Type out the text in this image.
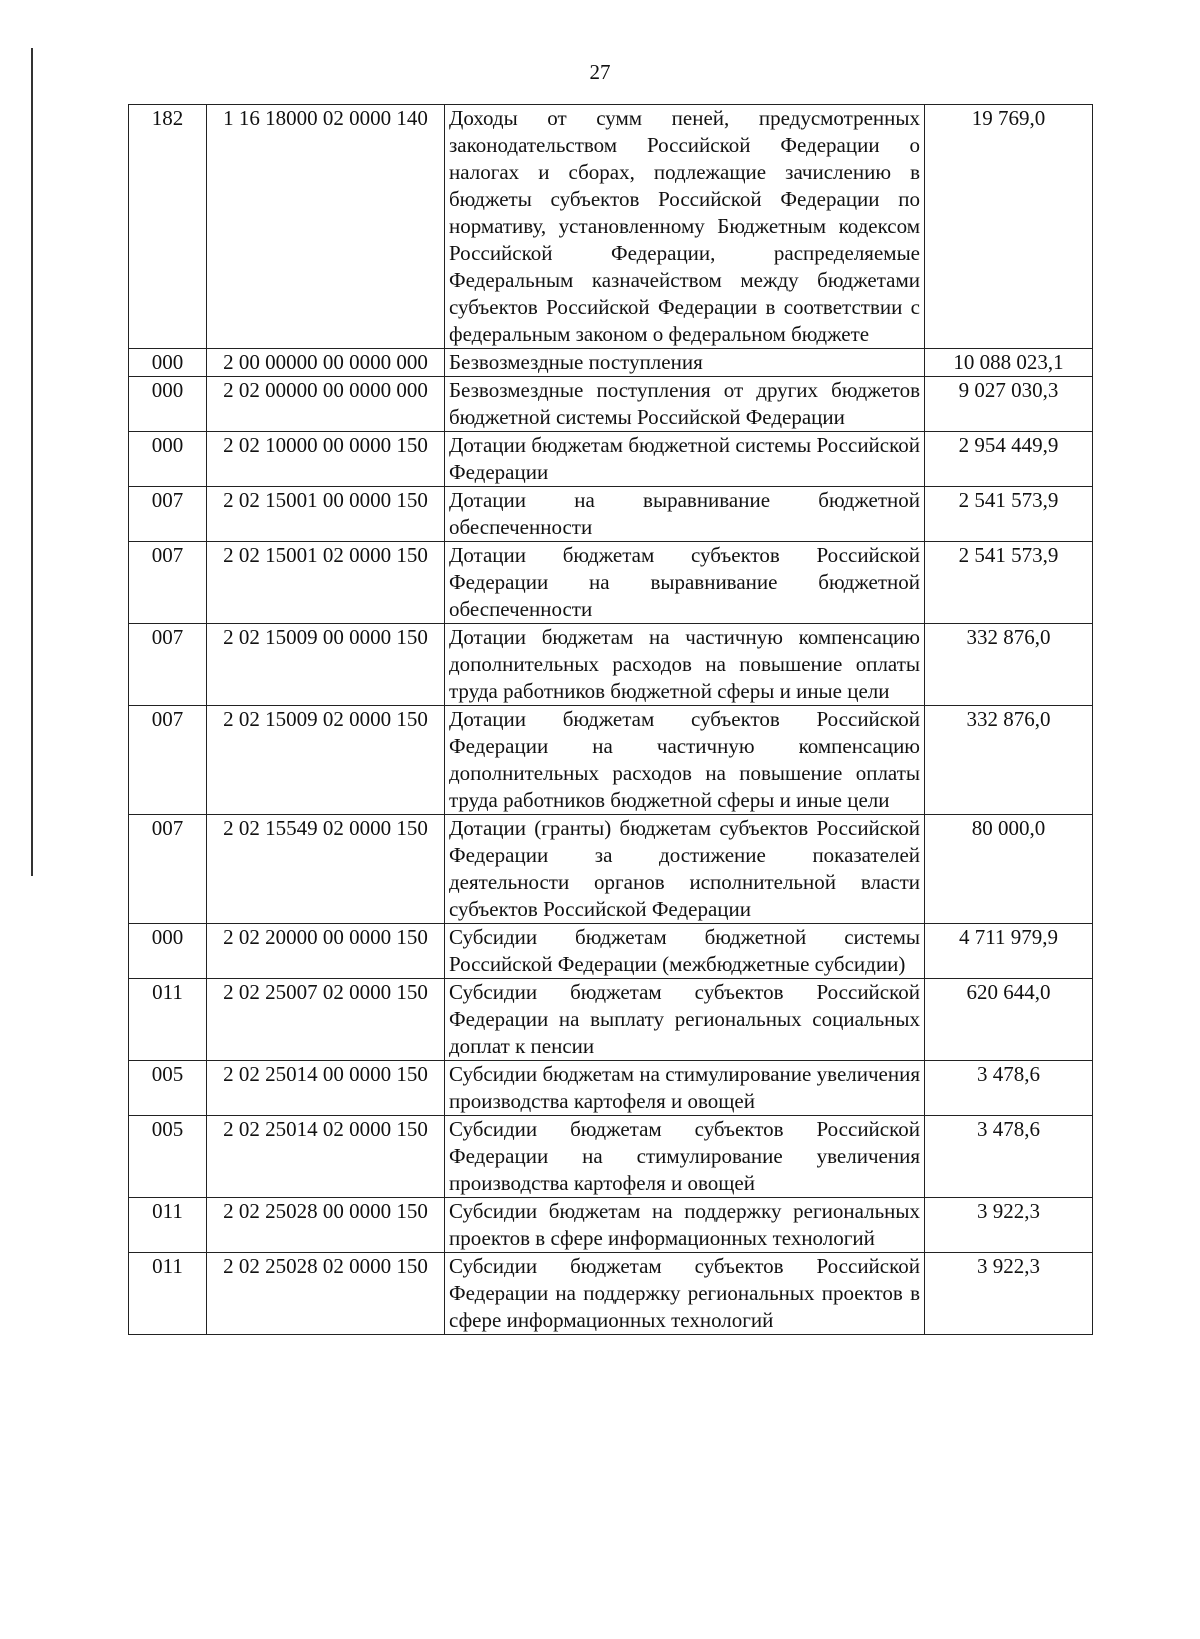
27
182	1 16 18000 02 0000 140	Доходы от сумм пеней, предусмотренных законодательством Российской Федерации о налогах и сборах, подлежащие зачислению в бюджеты субъектов Российской Федерации по нормативу, установленному Бюджетным кодексом Российской Федерации, распределяемые Федеральным казначейством между бюджетами субъектов Российской Федерации в соответствии с федеральным законом о федеральном бюджете	19 769,0
000	2 00 00000 00 0000 000	Безвозмездные поступления	10 088 023,1
000	2 02 00000 00 0000 000	Безвозмездные поступления от других бюджетов бюджетной системы Российской Федерации	9 027 030,3
000	2 02 10000 00 0000 150	Дотации бюджетам бюджетной системы Российской Федерации	2 954 449,9
007	2 02 15001 00 0000 150	Дотации на выравнивание бюджетной обеспеченности	2 541 573,9
007	2 02 15001 02 0000 150	Дотации бюджетам субъектов Российской Федерации на выравнивание бюджетной обеспеченности	2 541 573,9
007	2 02 15009 00 0000 150	Дотации бюджетам на частичную компенсацию дополнительных расходов на повышение оплаты труда работников бюджетной сферы и иные цели	332 876,0
007	2 02 15009 02 0000 150	Дотации бюджетам субъектов Российской Федерации на частичную компенсацию дополнительных расходов на повышение оплаты труда работников бюджетной сферы и иные цели	332 876,0
007	2 02 15549 02 0000 150	Дотации (гранты) бюджетам субъектов Российской Федерации за достижение показателей деятельности органов исполнительной власти субъектов Российской Федерации	80 000,0
000	2 02 20000 00 0000 150	Субсидии бюджетам бюджетной системы Российской Федерации (межбюджетные субсидии)	4 711 979,9
011	2 02 25007 02 0000 150	Субсидии бюджетам субъектов Российской Федерации на выплату региональных социальных доплат к пенсии	620 644,0
005	2 02 25014 00 0000 150	Субсидии бюджетам на стимулирование увеличения производства картофеля и овощей	3 478,6
005	2 02 25014 02 0000 150	Субсидии бюджетам субъектов Российской Федерации на стимулирование увеличения производства картофеля и овощей	3 478,6
011	2 02 25028 00 0000 150	Субсидии бюджетам на поддержку региональных проектов в сфере информационных технологий	3 922,3
011	2 02 25028 02 0000 150	Субсидии бюджетам субъектов Российской Федерации на поддержку региональных проектов в сфере информационных технологий	3 922,3
